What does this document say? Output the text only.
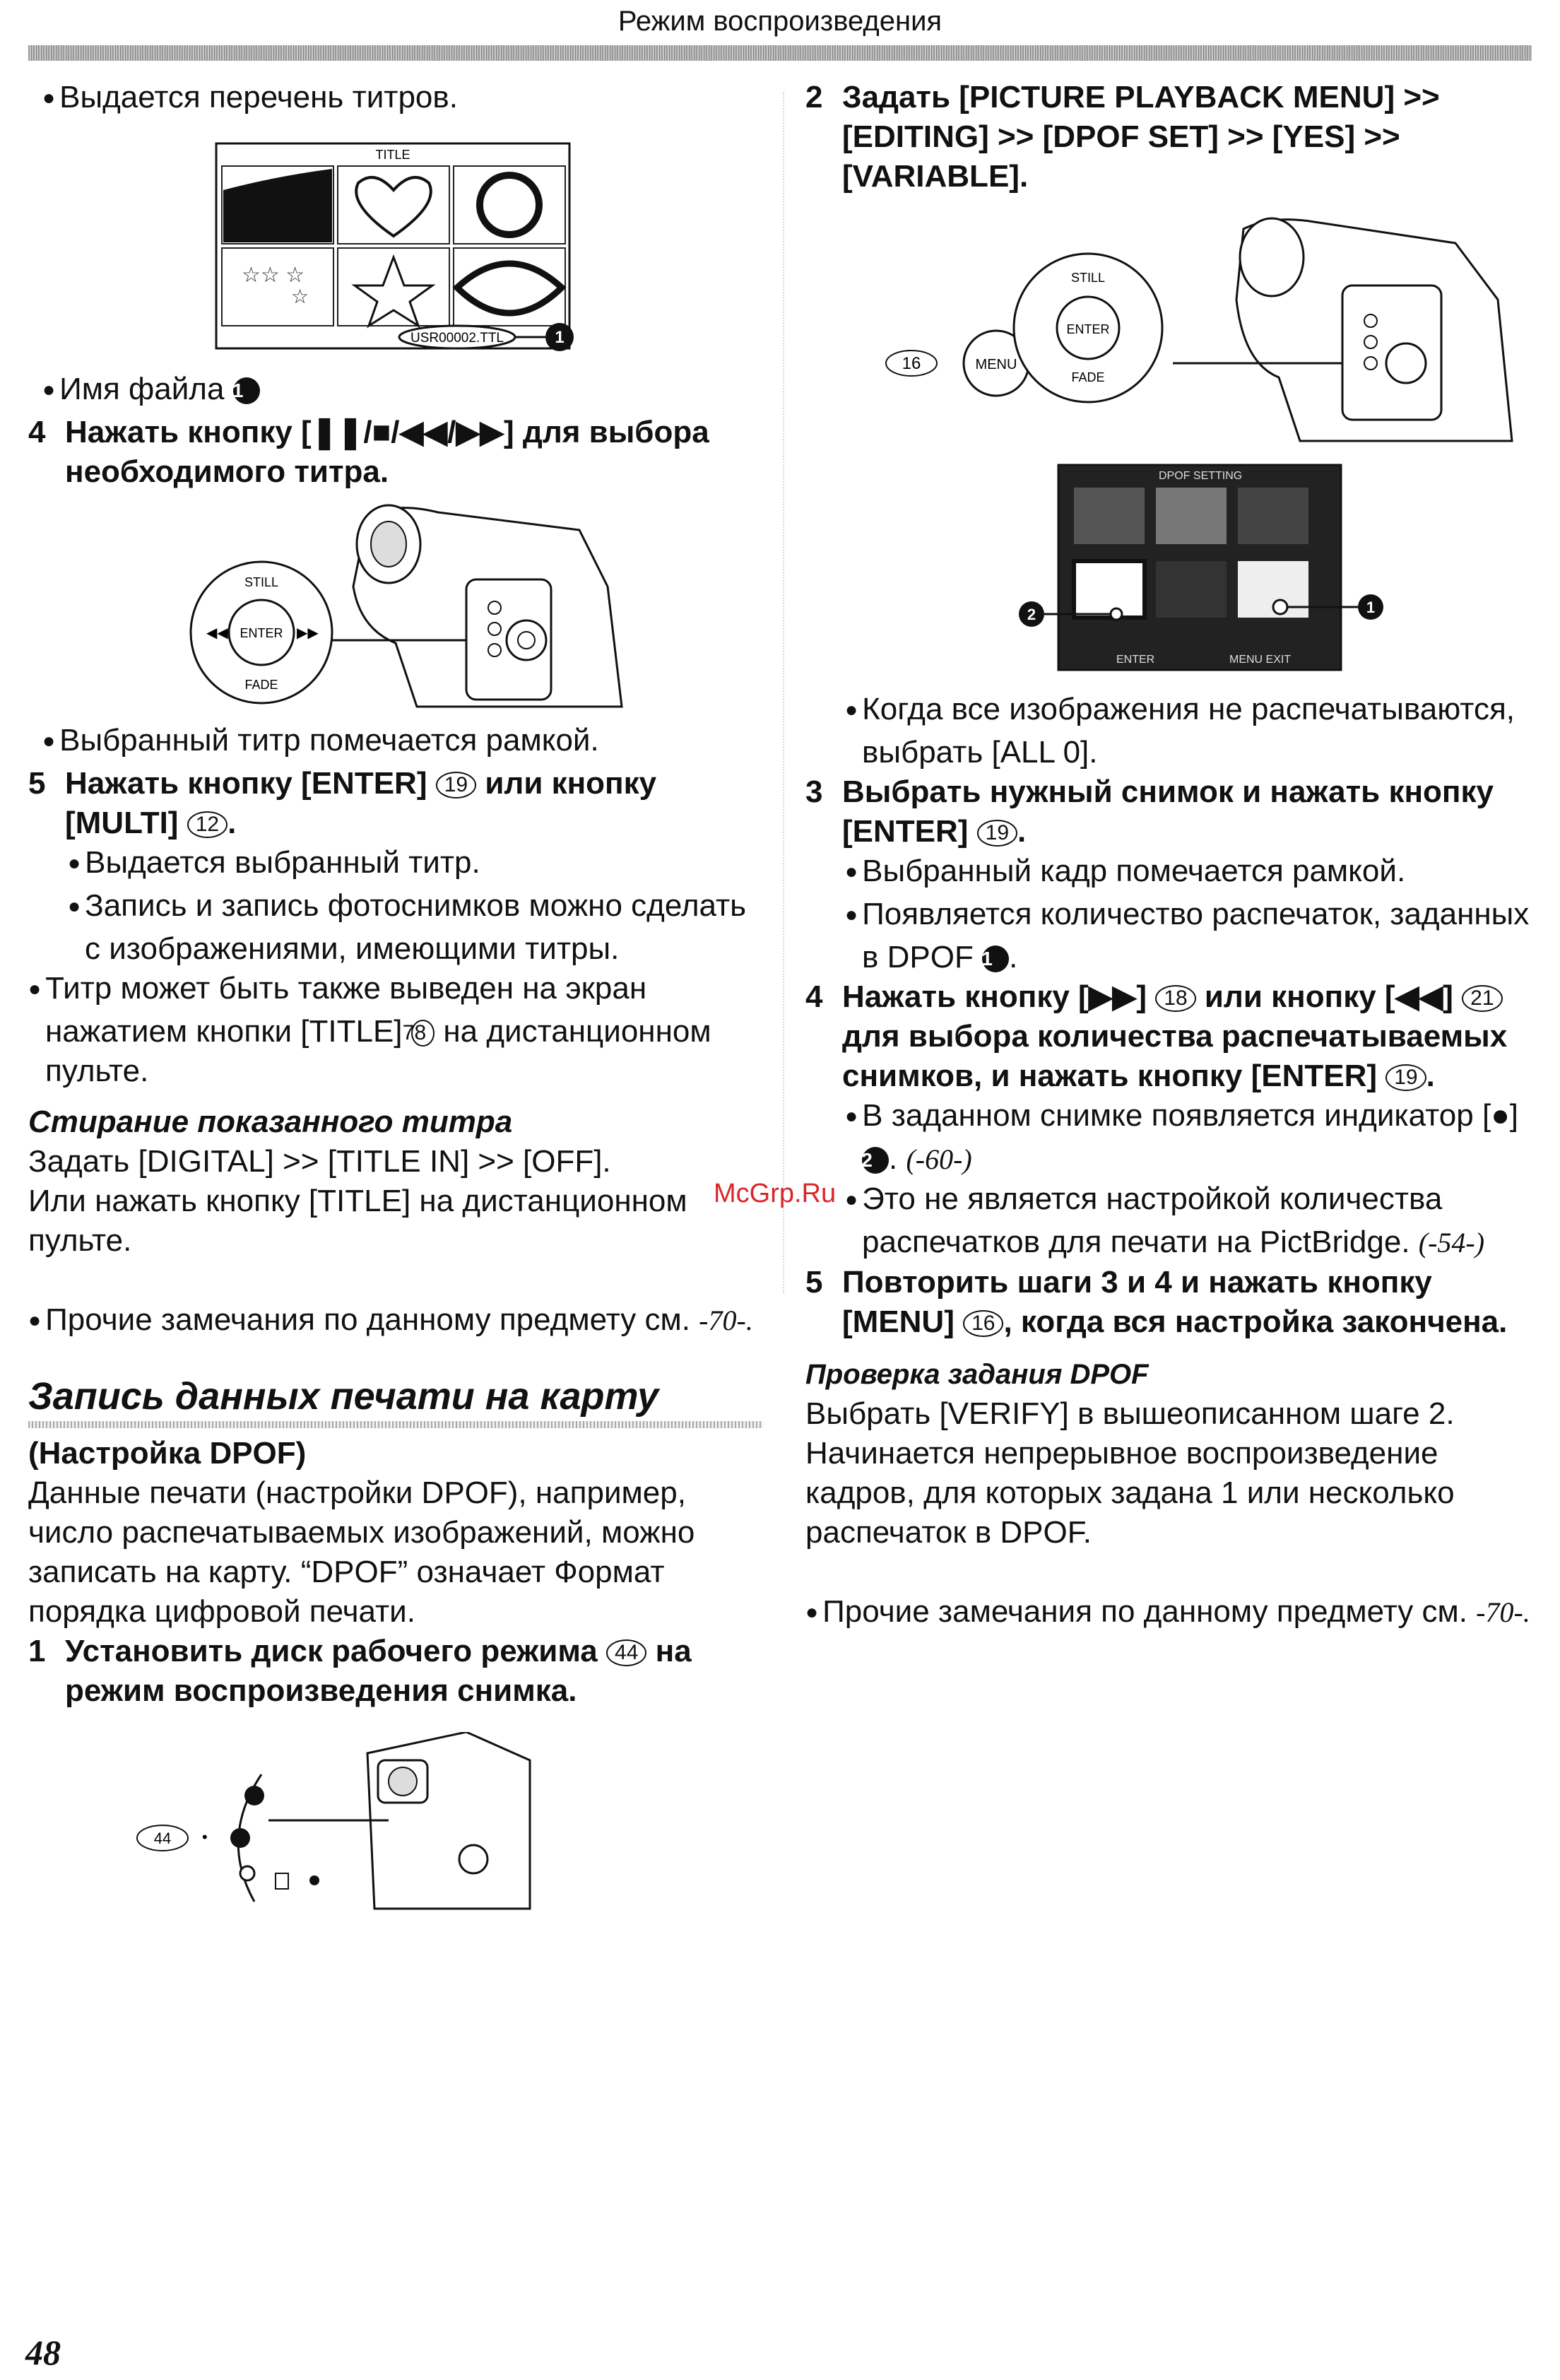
Режим воспроизведения

● Выдается перечень титров.

TITLE
☆☆ ☆
☆
USR00002.TTL	1

● Имя файла 1

4 Нажать кнопку [❚❚/■/◀◀/▶▶] для выбора необходимого титра.

STILL
ENTER
FADE
◀◀	▶▶

● Выбранный титр помечается рамкой.

5 Нажать кнопку [ENTER] 19 или кнопку [MULTI] 12 .

● Выдается выбранный титр.

● Запись и запись фотоснимков можно сделать с изображениями, имеющими титры.

● Титр может быть также выведен на экран нажатием кнопки [TITLE] 78 на дистанционном пульте.

Стирание показанного титра

Задать [DIGITAL] >> [TITLE IN] >> [OFF].

Или нажать кнопку [TITLE] на дистанционном пульте.

● Прочие замечания по данному предмету см. -70-.

Запись данных печати на карту

(Настройка DPOF)

Данные печати (настройки DPOF), например, число распечатываемых изображений, можно записать на карту. “DPOF” означает Формат порядка цифровой печати.

1 Установить диск рабочего режима 44 на режим воспроизведения снимка.

44 •

2 Задать [PICTURE PLAYBACK MENU] >> [EDITING] >> [DPOF SET] >> [YES] >> [VARIABLE].

16	MENU
STILL
ENTER
FADE
DPOF SETTING
ENTER	MENU EXIT
2	1

● Когда все изображения не распечатываются, выбрать [ALL 0].

3 Выбрать нужный снимок и нажать кнопку [ENTER] 19 .

● Выбранный кадр помечается рамкой.

● Появляется количество распечаток, заданных в DPOF 1 .

4 Нажать кнопку [▶▶] 18 или кнопку [◀◀] 21 для выбора количества распечатываемых снимков, и нажать кнопку [ENTER] 19 .

● В заданном снимке появляется индикатор [●] 2 . (-60-)

● Это не является настройкой количества распечатков для печати на PictBridge. (-54-)

5 Повторить шаги 3 и 4 и нажать кнопку [MENU] 16 , когда вся настройка закончена.

Проверка задания DPOF

Выбрать [VERIFY] в вышеописанном шаге 2. Начинается непрерывное воспроизведение кадров, для которых задана 1 или несколько распечаток в DPOF.

● Прочие замечания по данному предмету см. -70-.

McGrp.Ru
48
